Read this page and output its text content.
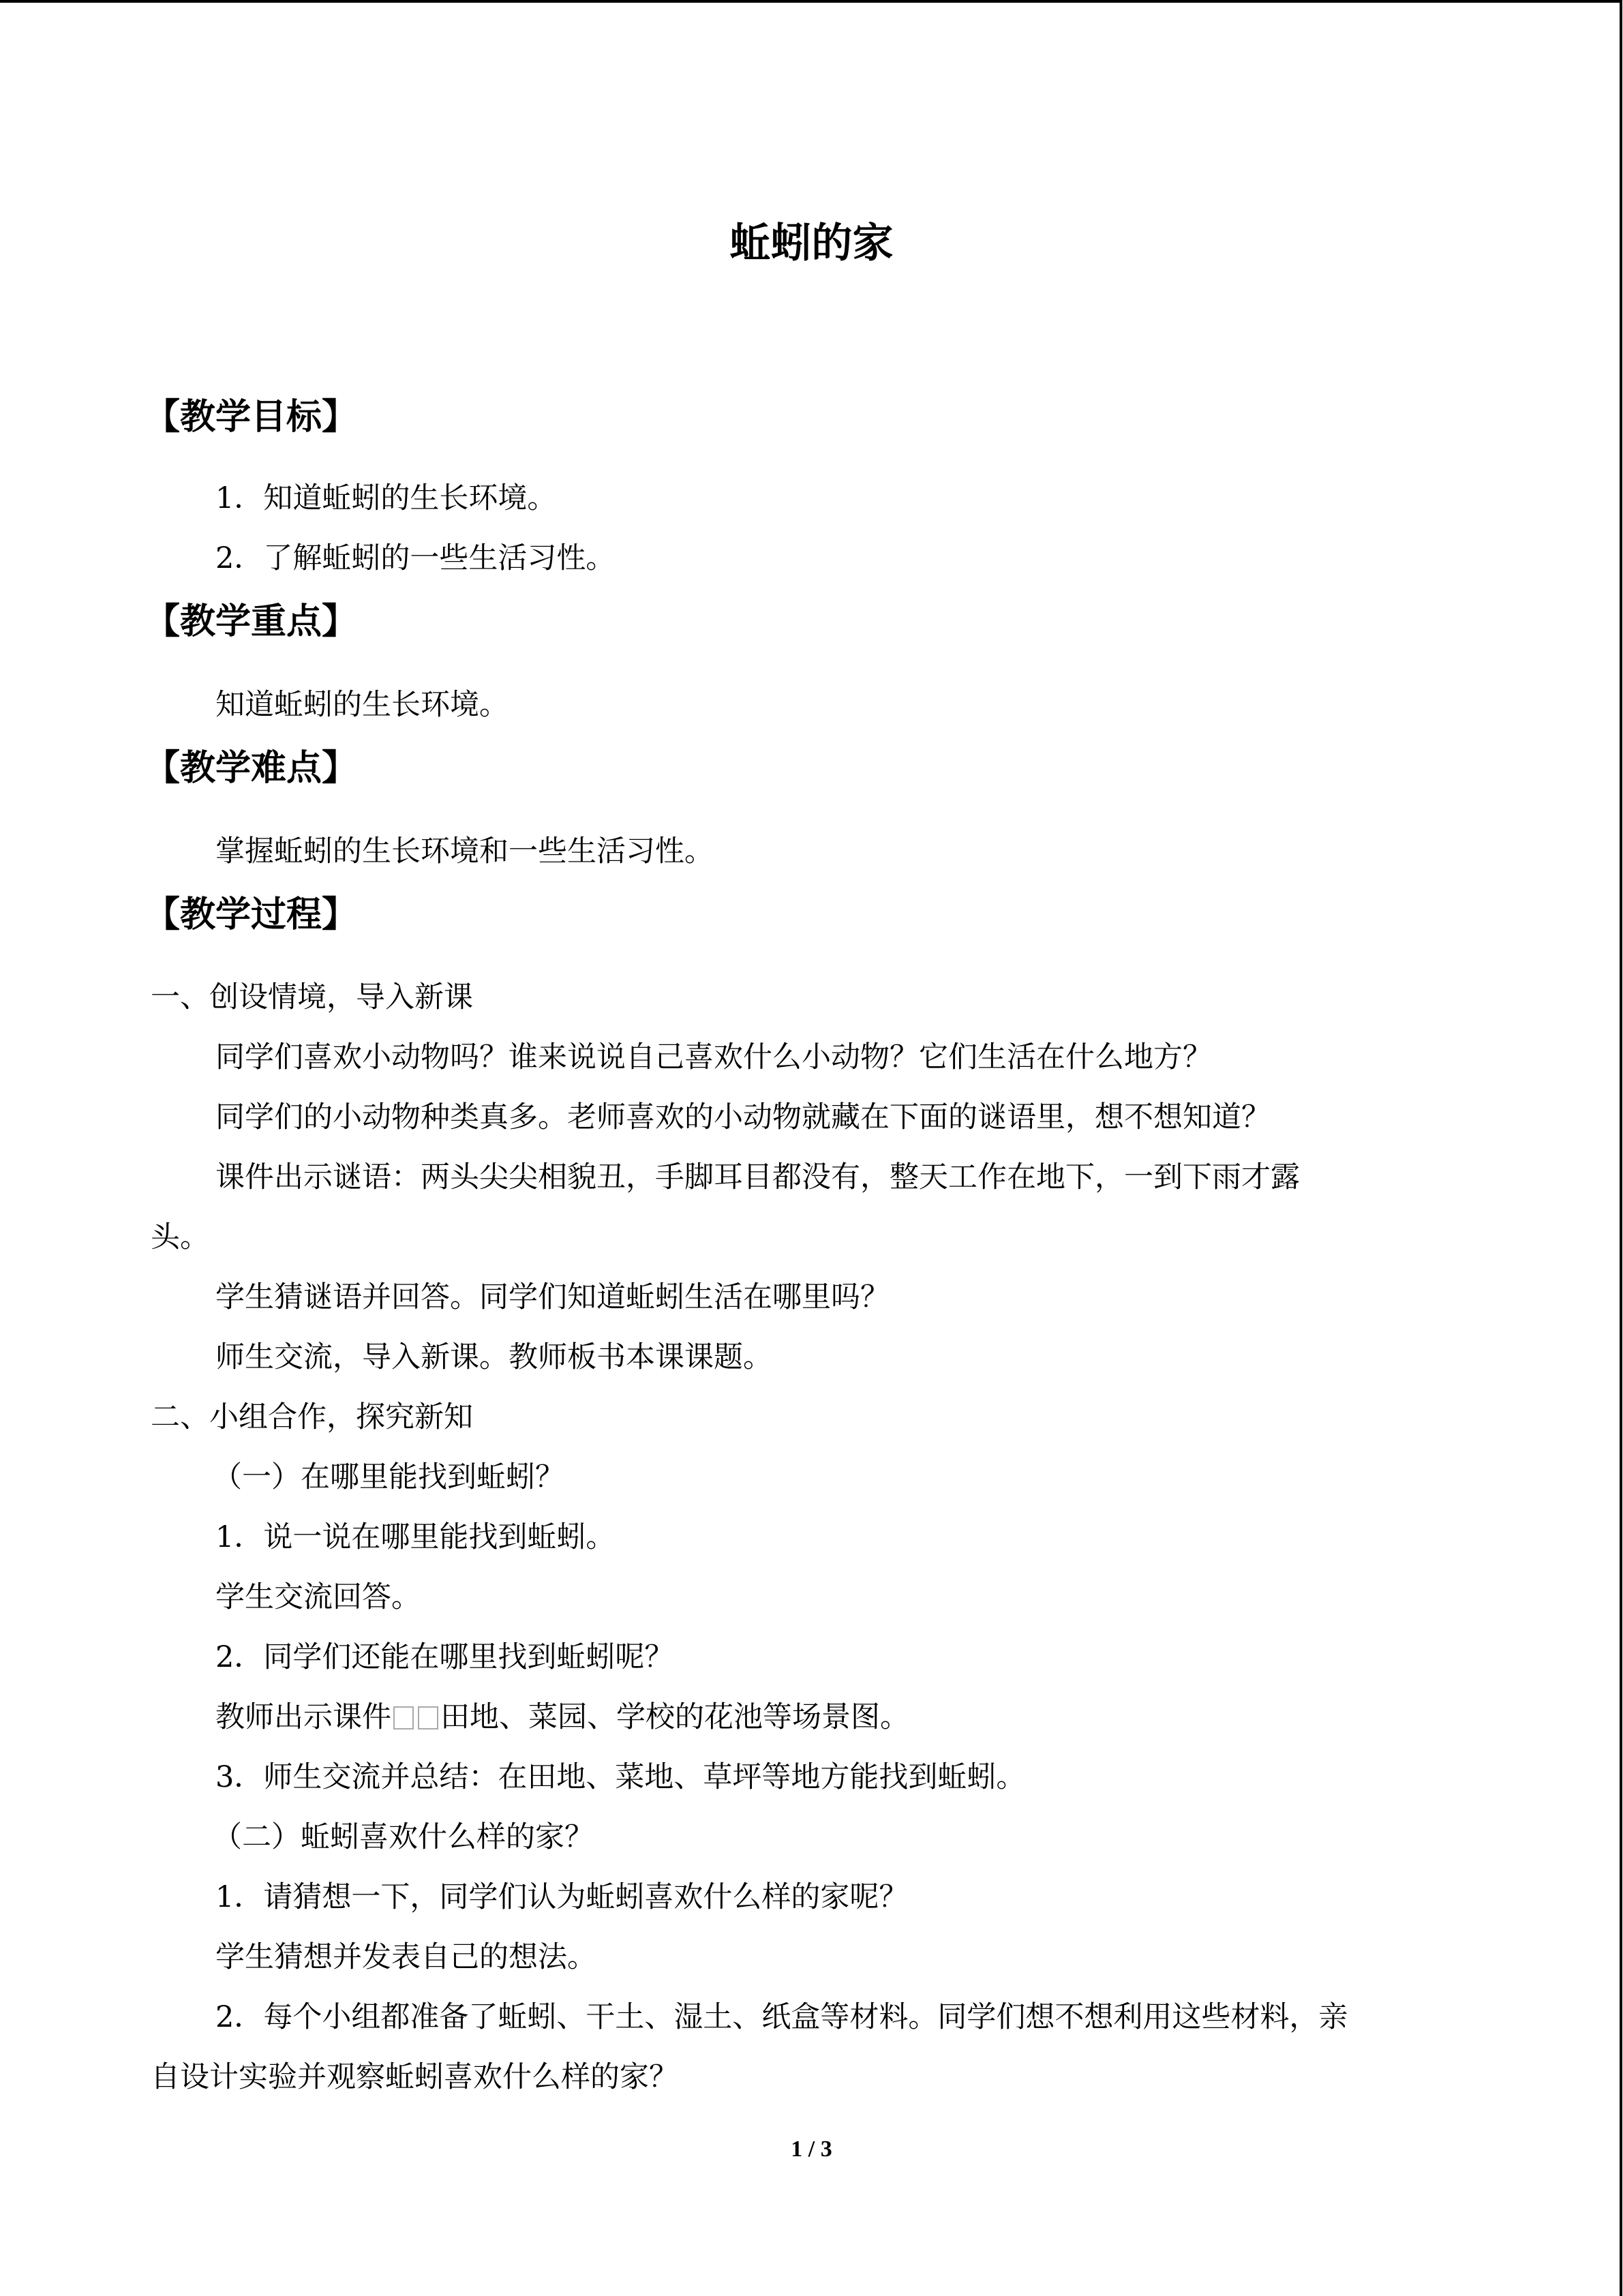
蚯蚓的家
【教学目标】
1．知道蚯蚓的生长环境。
2．了解蚯蚓的一些生活习性。
【教学重点】
知道蚯蚓的生长环境。
【教学难点】
掌握蚯蚓的生长环境和一些生活习性。
【教学过程】
一、创设情境，导入新课
同学们喜欢小动物吗？谁来说说自己喜欢什么小动物？它们生活在什么地方？
同学们的小动物种类真多。老师喜欢的小动物就藏在下面的谜语里，想不想知道？
课件出示谜语：两头尖尖相貌丑，手脚耳目都没有，整天工作在地下，一到下雨才露
头。
学生猜谜语并回答。同学们知道蚯蚓生活在哪里吗？
师生交流，导入新课。教师板书本课课题。
二、小组合作，探究新知
（一）在哪里能找到蚯蚓？
1．说一说在哪里能找到蚯蚓。
学生交流回答。
2．同学们还能在哪里找到蚯蚓呢？
教师出示课件 田地、菜园、学校的花池等场景图。
3．师生交流并总结：在田地、菜地、草坪等地方能找到蚯蚓。
（二）蚯蚓喜欢什么样的家？
1．请猜想一下，同学们认为蚯蚓喜欢什么样的家呢？
学生猜想并发表自己的想法。
2．每个小组都准备了蚯蚓、干土、湿土、纸盒等材料。同学们想不想利用这些材料，亲
自设计实验并观察蚯蚓喜欢什么样的家？
1 / 3
